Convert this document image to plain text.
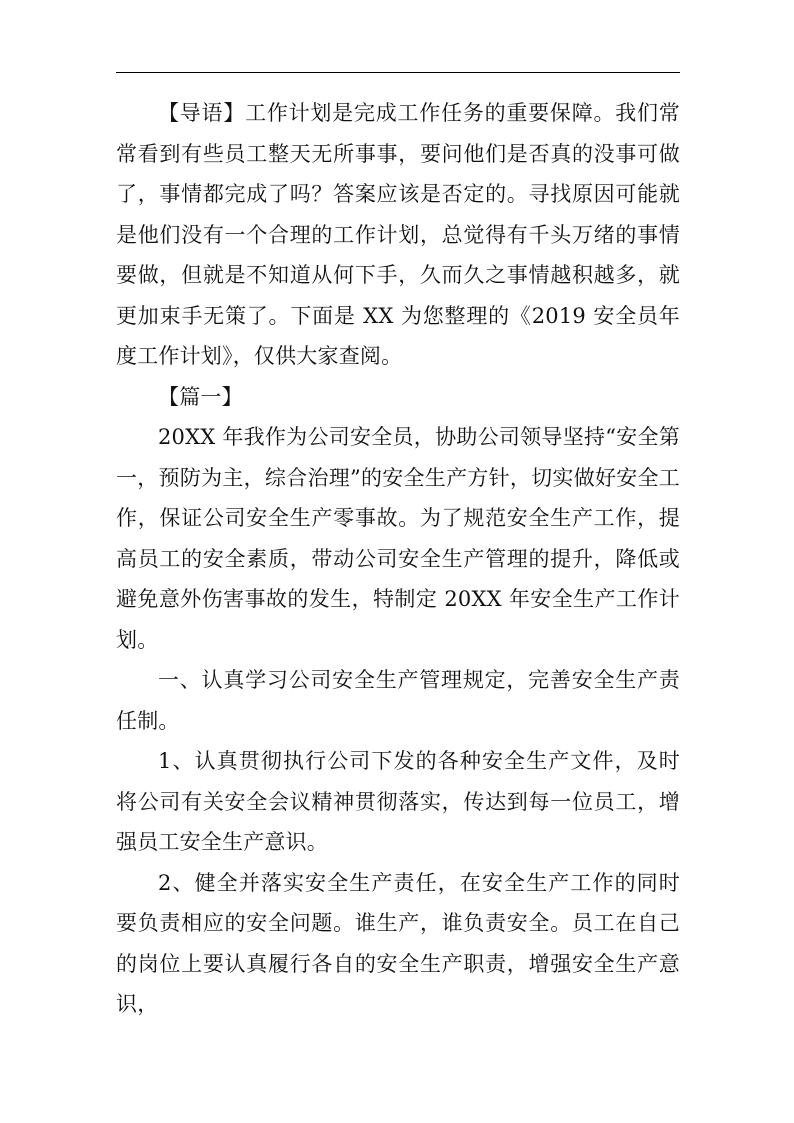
【导语】工作计划是完成工作任务的重要保障。我们常常看到有些员工整天无所事事，要问他们是否真的没事可做了，事情都完成了吗？答案应该是否定的。寻找原因可能就是他们没有一个合理的工作计划，总觉得有千头万绪的事情要做，但就是不知道从何下手，久而久之事情越积越多，就更加束手无策了。下面是 XX 为您整理的《2019 安全员年度工作计划》，仅供大家查阅。

【篇一】

20XX 年我作为公司安全员，协助公司领导坚持“安全第一，预防为主，综合治理”的安全生产方针，切实做好安全工作，保证公司安全生产零事故。为了规范安全生产工作，提高员工的安全素质，带动公司安全生产管理的提升，降低或避免意外伤害事故的发生，特制定 20XX 年安全生产工作计划。

一、认真学习公司安全生产管理规定，完善安全生产责任制。

1、认真贯彻执行公司下发的各种安全生产文件，及时将公司有关安全会议精神贯彻落实，传达到每一位员工，增强员工安全生产意识。

2、健全并落实安全生产责任，在安全生产工作的同时要负责相应的安全问题。谁生产，谁负责安全。员工在自己的岗位上要认真履行各自的安全生产职责，增强安全生产意识，
